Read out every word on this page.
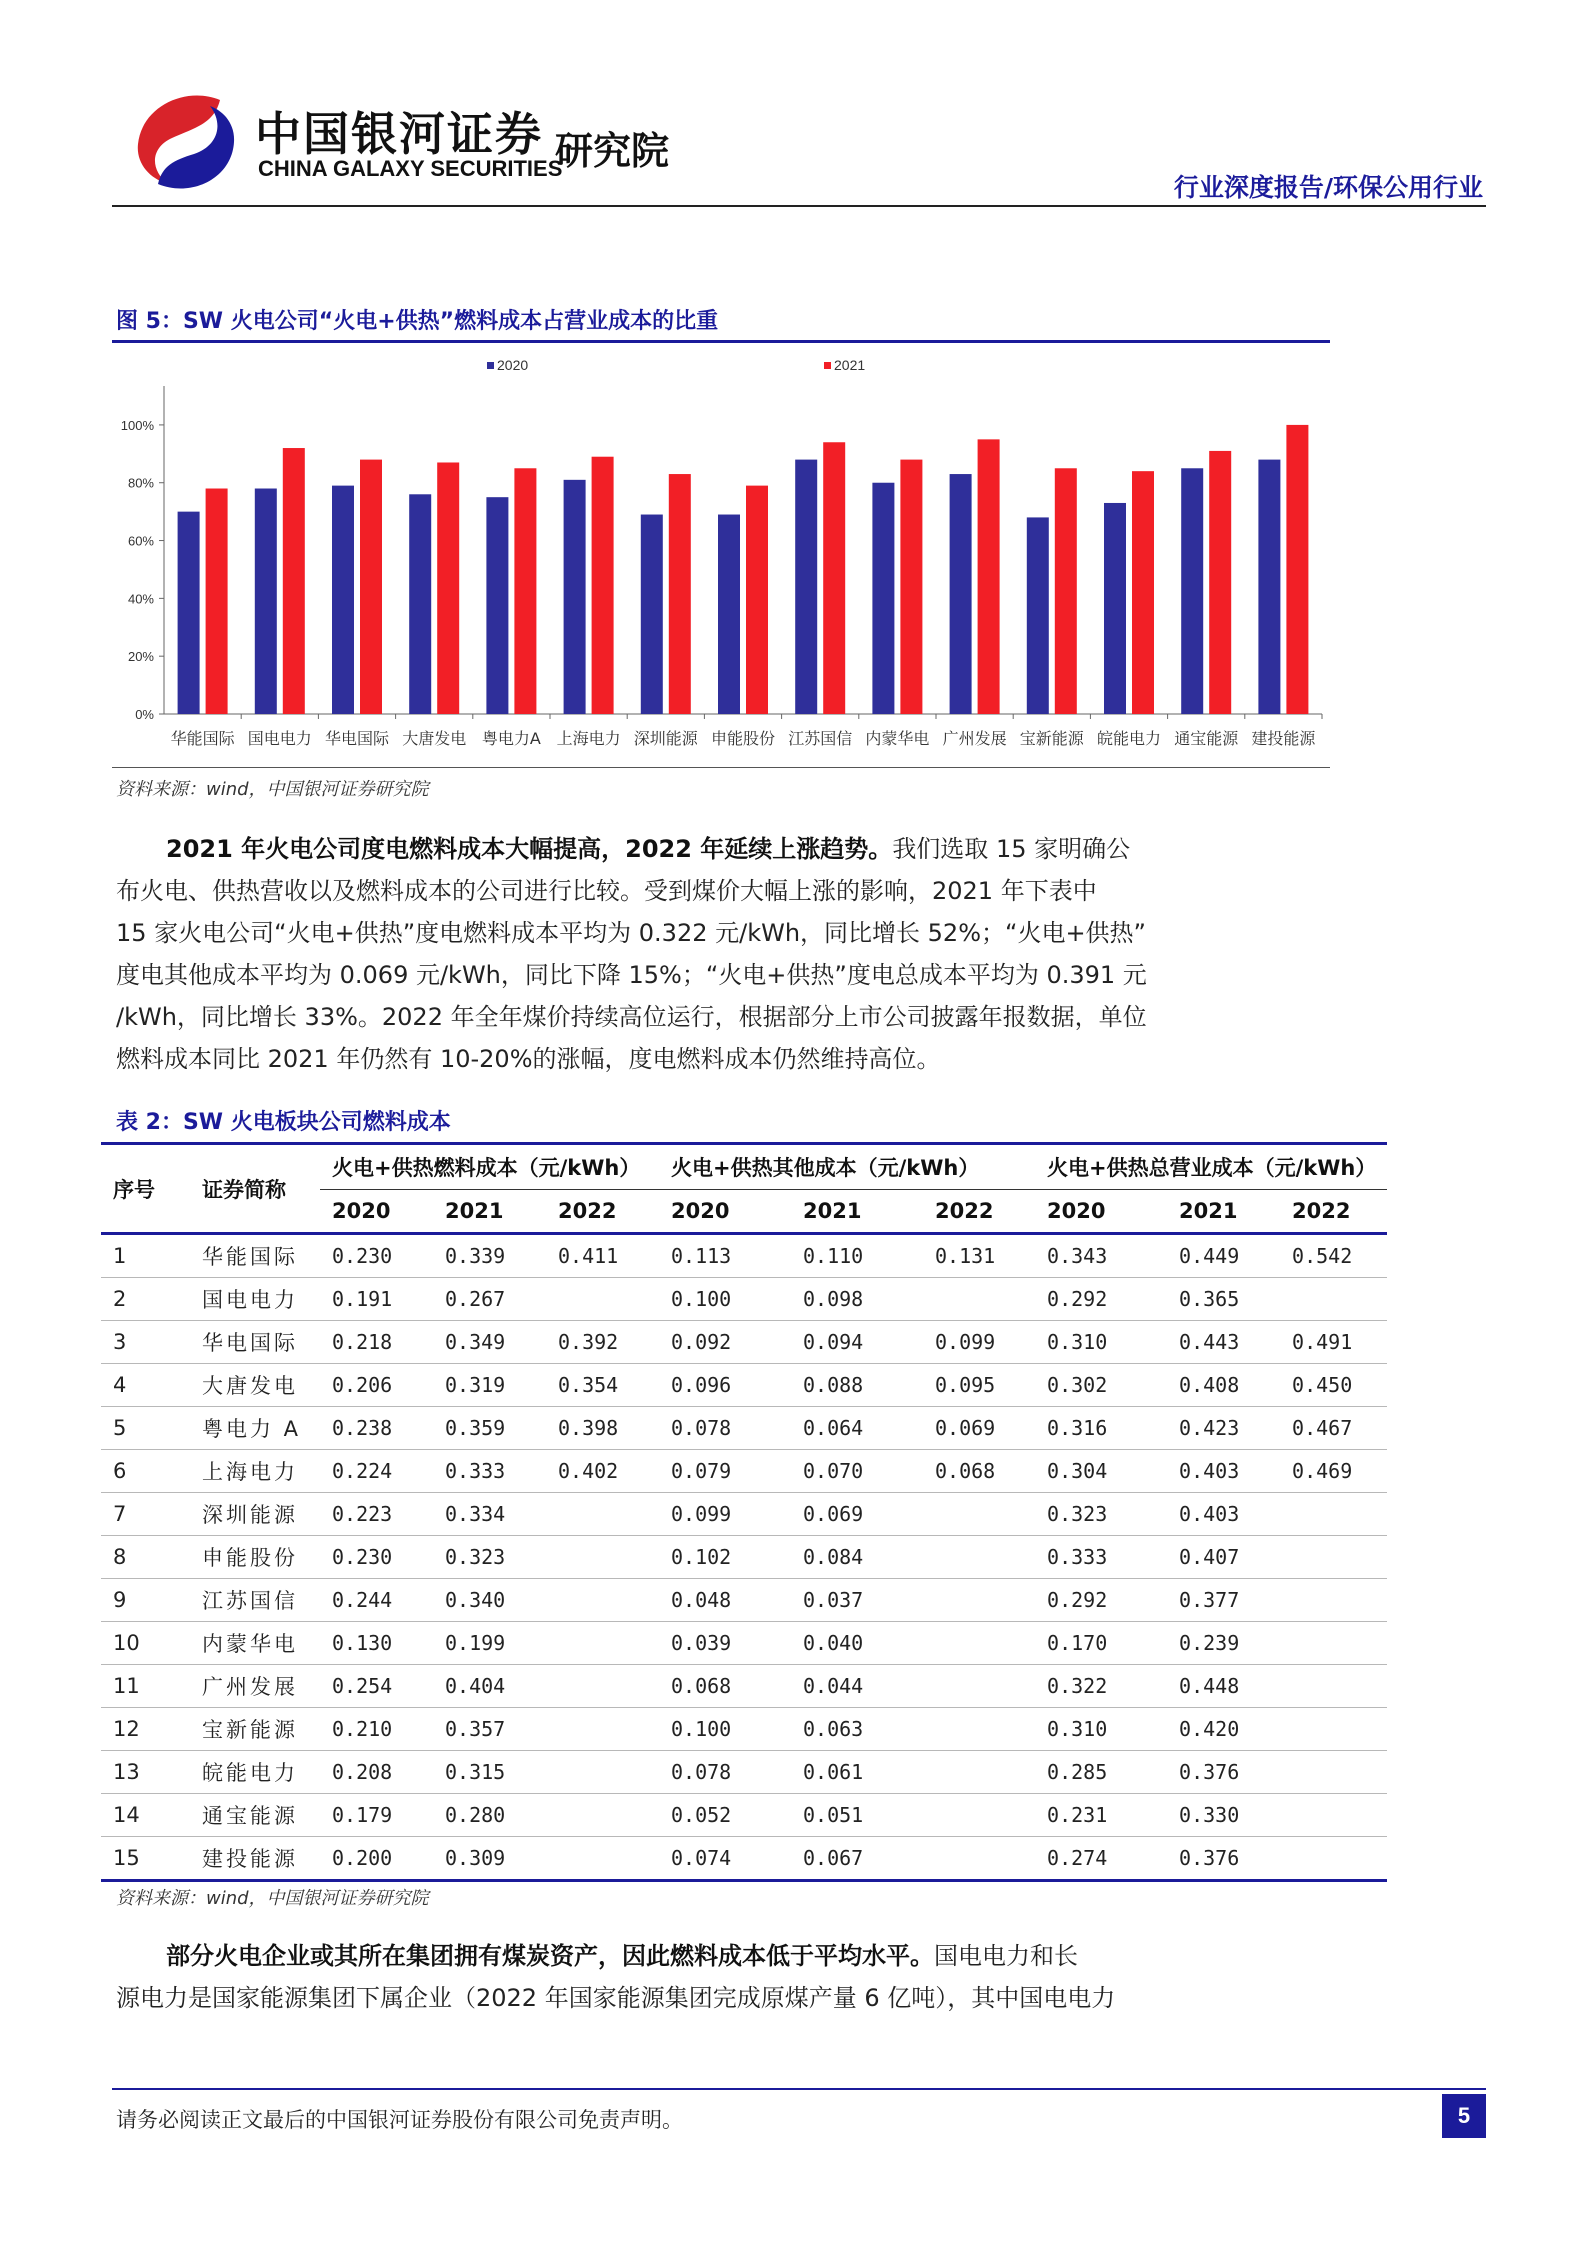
中国银河证券
CHINA GALAXY SECURITIES
研究院
行业深度报告/环保公用行业
图 5：SW 火电公司“火电+供热”燃料成本占营业成本的比重
0%
20%
40%
60%
80%
100%
华能国际 国电电力 华电国际 大唐发电 粤电力A 上海电力 深圳能源 申能股份 江苏国信 内蒙华电 广州发展 宝新能源 皖能电力 通宝能源 建投能源
2020	2021
资料来源：wind，中国银河证券研究院
2021 年火电公司度电燃料成本大幅提高，2022 年延续上涨趋势。我们选取 15 家明确公
布火电、供热营收以及燃料成本的公司进行比较。受到煤价大幅上涨的影响，2021 年下表中
15 家火电公司“火电+供热”度电燃料成本平均为 0.322 元/kWh，同比增长 52%；“火电+供热”
度电其他成本平均为 0.069 元/kWh，同比下降 15%；“火电+供热”度电总成本平均为 0.391 元
/kWh，同比增长 33%。2022 年全年煤价持续高位运行，根据部分上市公司披露年报数据，单位
燃料成本同比 2021 年仍然有 10-20%的涨幅，度电燃料成本仍然维持高位。
表 2：SW 火电板块公司燃料成本
序号	证券简称	火电+供热燃料成本（元/kWh）			火电+供热其他成本（元/kWh）			火电+供热总营业成本（元/kWh）		
		2020	2021	2022	2020	2021	2022	2020	2021	2022
1	华能国际	0.230	0.339	0.411	0.113	0.110	0.131	0.343	0.449	0.542
2	国电电力	0.191	0.267		0.100	0.098		0.292	0.365	
3	华电国际	0.218	0.349	0.392	0.092	0.094	0.099	0.310	0.443	0.491
4	大唐发电	0.206	0.319	0.354	0.096	0.088	0.095	0.302	0.408	0.450
5	粤电力 A	0.238	0.359	0.398	0.078	0.064	0.069	0.316	0.423	0.467
6	上海电力	0.224	0.333	0.402	0.079	0.070	0.068	0.304	0.403	0.469
7	深圳能源	0.223	0.334		0.099	0.069		0.323	0.403	
8	申能股份	0.230	0.323		0.102	0.084		0.333	0.407	
9	江苏国信	0.244	0.340		0.048	0.037		0.292	0.377	
10	内蒙华电	0.130	0.199		0.039	0.040		0.170	0.239	
11	广州发展	0.254	0.404		0.068	0.044		0.322	0.448	
12	宝新能源	0.210	0.357		0.100	0.063		0.310	0.420	
13	皖能电力	0.208	0.315		0.078	0.061		0.285	0.376	
14	通宝能源	0.179	0.280		0.052	0.051		0.231	0.330	
15	建投能源	0.200	0.309		0.074	0.067		0.274	0.376	
资料来源：wind，中国银河证券研究院
部分火电企业或其所在集团拥有煤炭资产，因此燃料成本低于平均水平。国电电力和长
源电力是国家能源集团下属企业（2022 年国家能源集团完成原煤产量 6 亿吨），其中国电电力
请务必阅读正文最后的中国银河证券股份有限公司免责声明。	5
